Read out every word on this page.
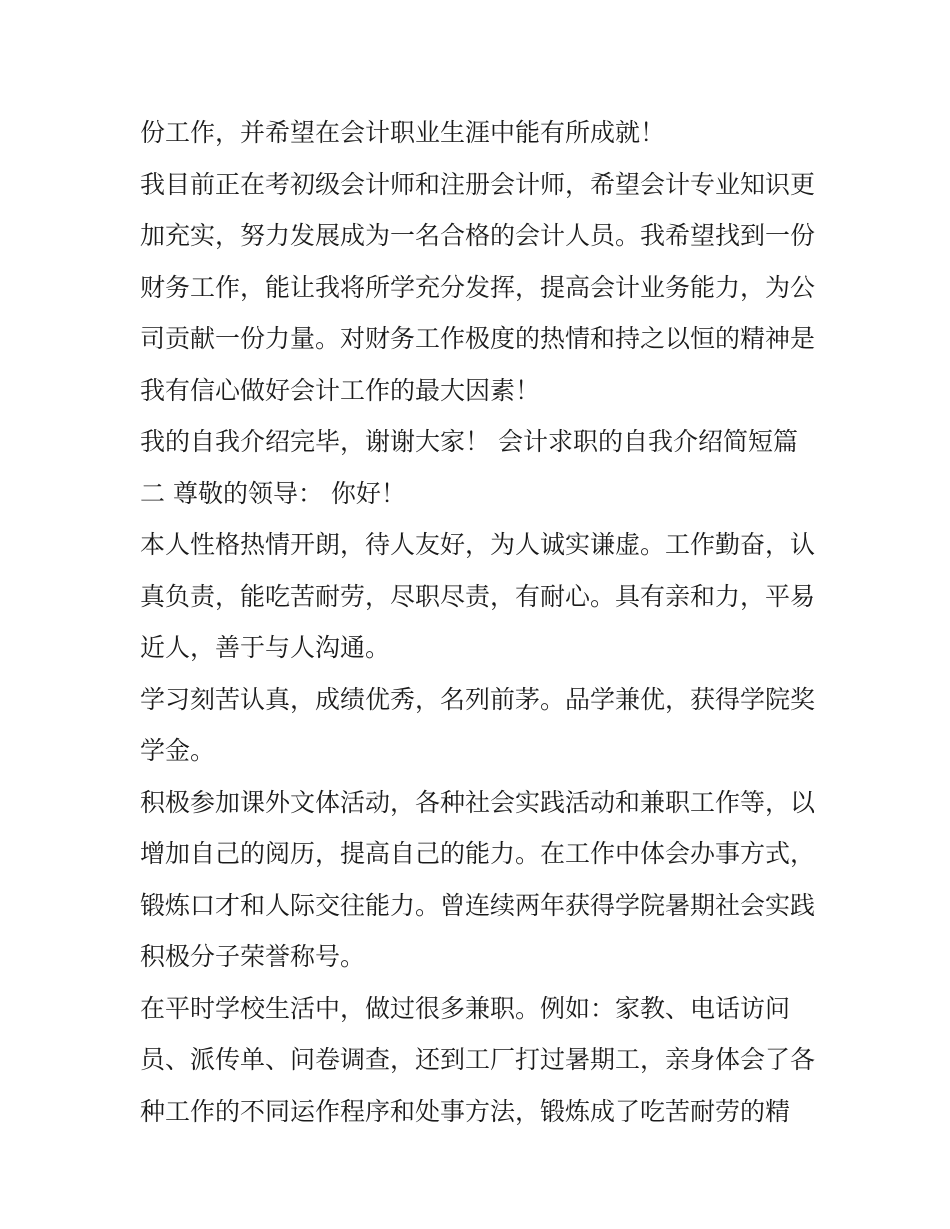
份工作，并希望在会计职业生涯中能有所成就！
我目前正在考初级会计师和注册会计师，希望会计专业知识更
加充实，努力发展成为一名合格的会计人员。我希望找到一份
财务工作，能让我将所学充分发挥，提高会计业务能力，为公
司贡献一份力量。对财务工作极度的热情和持之以恒的精神是
我有信心做好会计工作的最大因素！
我的自我介绍完毕，谢谢大家！ 会计求职的自我介绍简短篇
二 尊敬的领导： 你好！
本人性格热情开朗，待人友好，为人诚实谦虚。工作勤奋，认
真负责，能吃苦耐劳，尽职尽责，有耐心。具有亲和力，平易
近人，善于与人沟通。
学习刻苦认真，成绩优秀，名列前茅。品学兼优，获得学院奖
学金。
积极参加课外文体活动，各种社会实践活动和兼职工作等，以
增加自己的阅历，提高自己的能力。在工作中体会办事方式，
锻炼口才和人际交往能力。曾连续两年获得学院暑期社会实践
积极分子荣誉称号。
在平时学校生活中，做过很多兼职。例如：家教、电话访问
员、派传单、问卷调查，还到工厂打过暑期工，亲身体会了各
种工作的不同运作程序和处事方法，锻炼成了吃苦耐劳的精
